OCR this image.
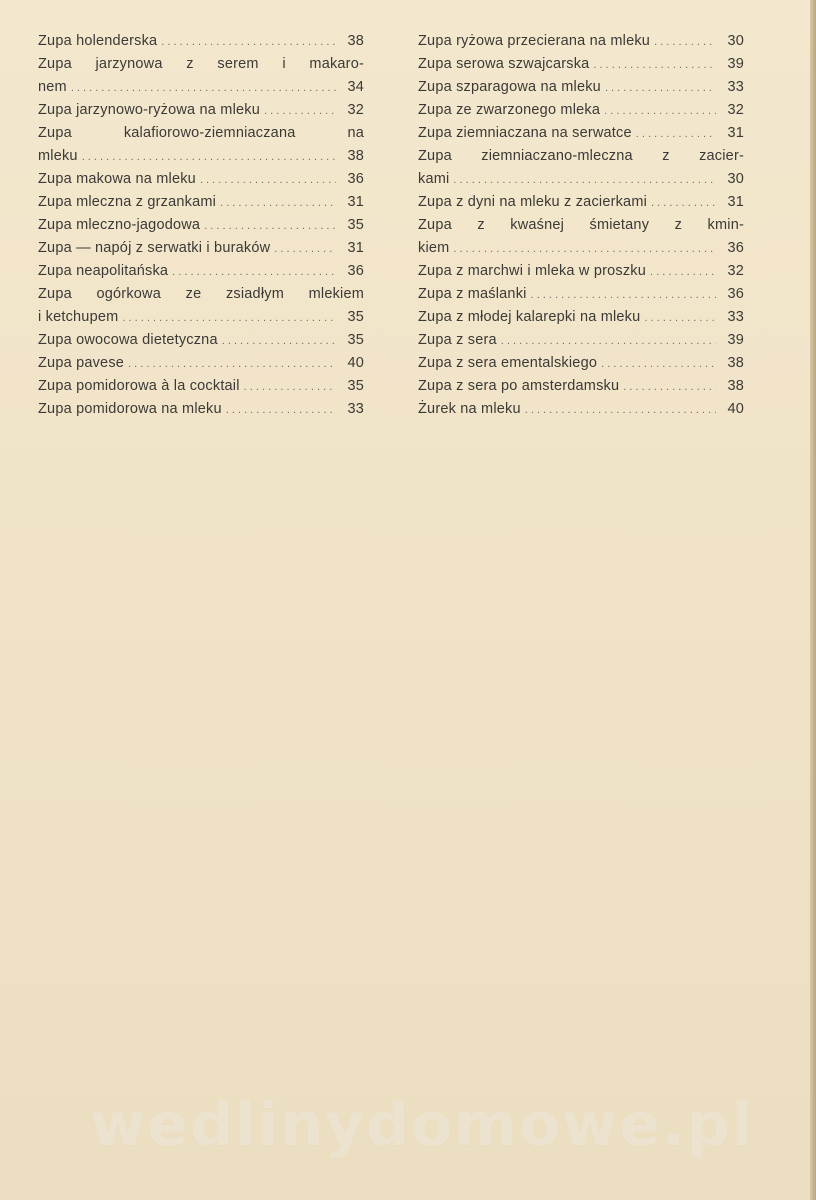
Zupa holenderska . . .	38
Zupa jarzynowa z serem i makaro-
nem . . .	34
Zupa jarzynowo-ryżowa na mleku . . .	32
Zupa kalafiorowo-ziemniaczana na
mleku . . .	38
Zupa makowa na mleku . . .	36
Zupa mleczna z grzankami . . .	31
Zupa mleczno-jagodowa . . .	35
Zupa — napój z serwatki i buraków . . .	31
Zupa neapolitańska . . .	36
Zupa ogórkowa ze zsiadłym mlekiem
i ketchupem . . .	35
Zupa owocowa dietetyczna . . .	35
Zupa pavese . . .	40
Zupa pomidorowa à la cocktail . . .	35
Zupa pomidorowa na mleku . . .	33
Zupa ryżowa przecierana na mleku . . .	30
Zupa serowa szwajcarska . . .	39
Zupa szparagowa na mleku . . .	33
Zupa ze zwarzonego mleka . . .	32
Zupa ziemniaczana na serwatce . . .	31
Zupa ziemniaczano-mleczna z zacier-
kami . . .	30
Zupa z dyni na mleku z zacierkami . . .	31
Zupa z kwaśnej śmietany z kmin-
kiem . . .	36
Zupa z marchwi i mleka w proszku . . .	32
Zupa z maślanki . . .	36
Zupa z młodej kalarepki na mleku . . .	33
Zupa z sera . . .	39
Zupa z sera ementalskiego . . .	38
Zupa z sera po amsterdamsku . . .	38
Żurek na mleku . . .	40
wedlinydomowe.pl
